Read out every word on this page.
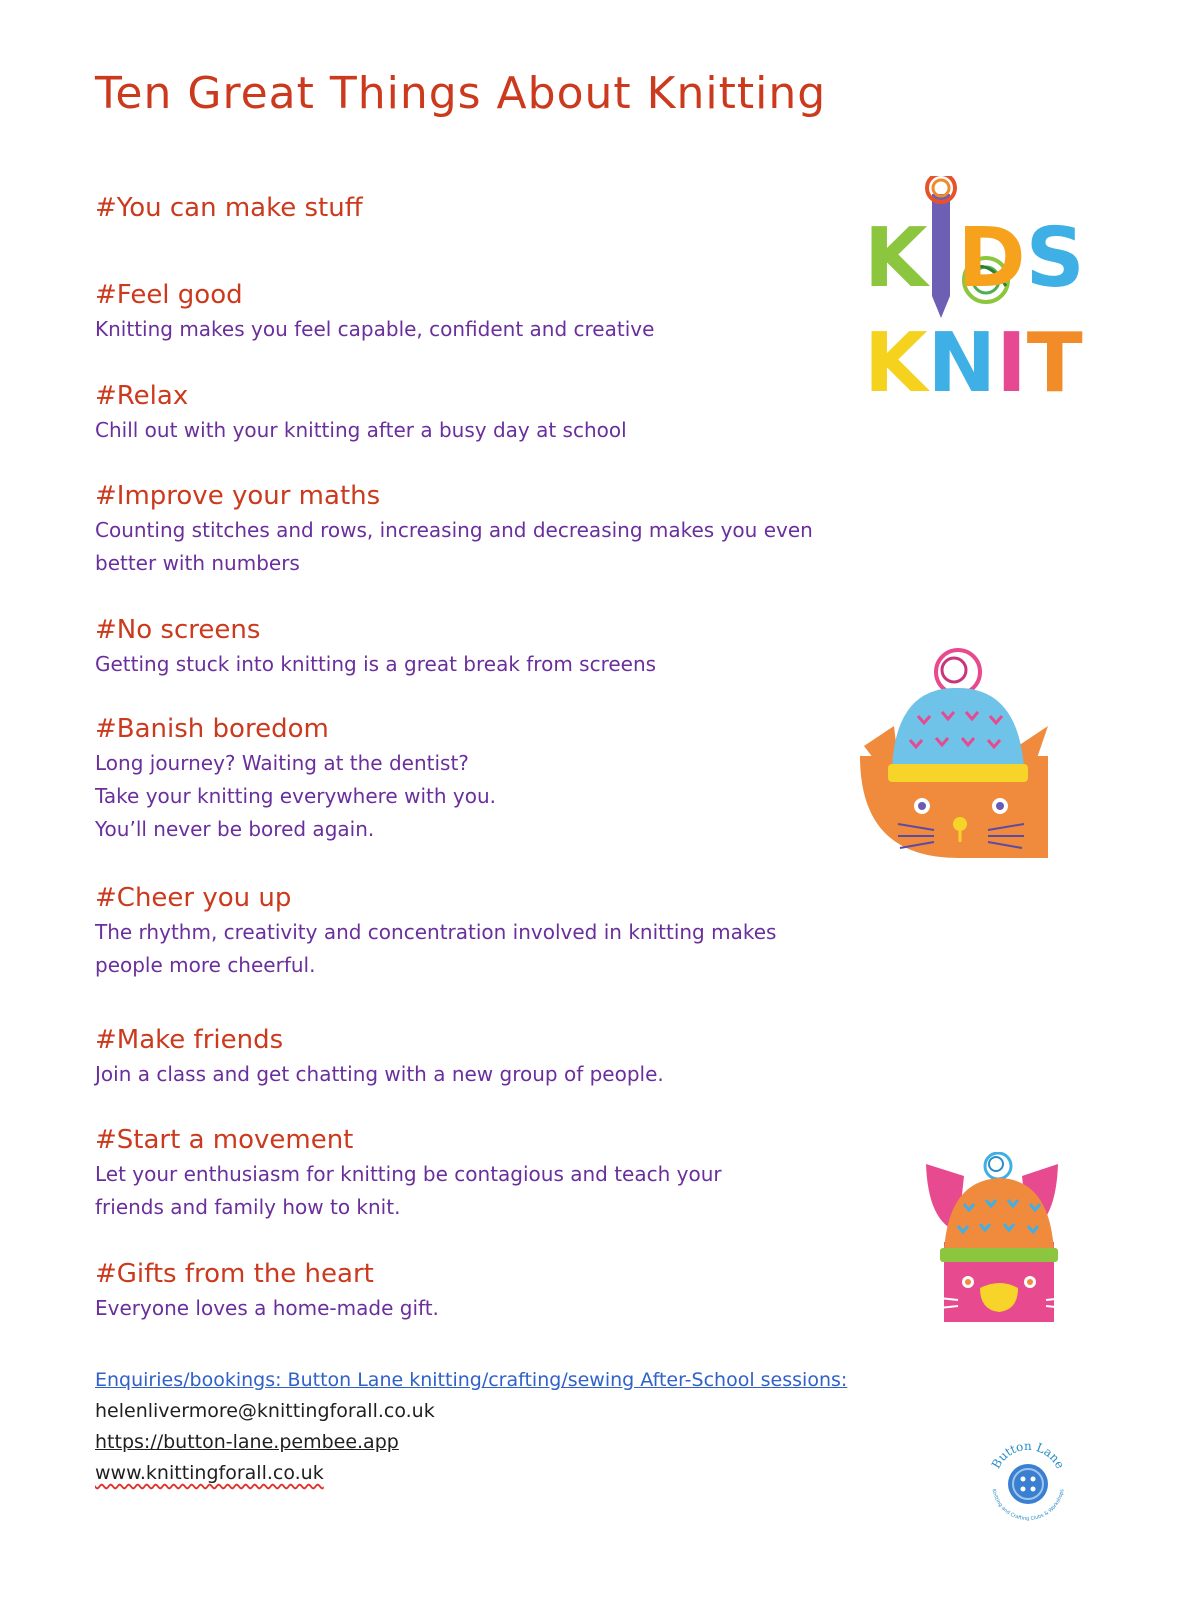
Ten Great Things About Knitting

#You can make stuff

#Feel good

Knitting makes you feel capable, confident and creative

#Relax

Chill out with your knitting after a busy day at school

#Improve your maths

Counting stitches and rows, increasing and decreasing makes you even

better with numbers

#No screens

Getting stuck into knitting is a great break from screens

#Banish boredom

Long journey? Waiting at the dentist?

Take your knitting everywhere with you.

You’ll never be bored again.

#Cheer you up

The rhythm, creativity and concentration involved in knitting makes

people more cheerful.

#Make friends

Join a class and get chatting with a new group of people.

#Start a movement

Let your enthusiasm for knitting be contagious and teach your

friends and family how to knit.

#Gifts from the heart

Everyone loves a home-made gift.

Enquiries/bookings: Button Lane knitting/crafting/sewing After-School sessions:
helenlivermore@knittingforall.co.uk
https://button-lane.pembee.app
www.knittingforall.co.uk
K DS
KNIT
Button Lane
Knitting and Crafting Clubs & Workshops
